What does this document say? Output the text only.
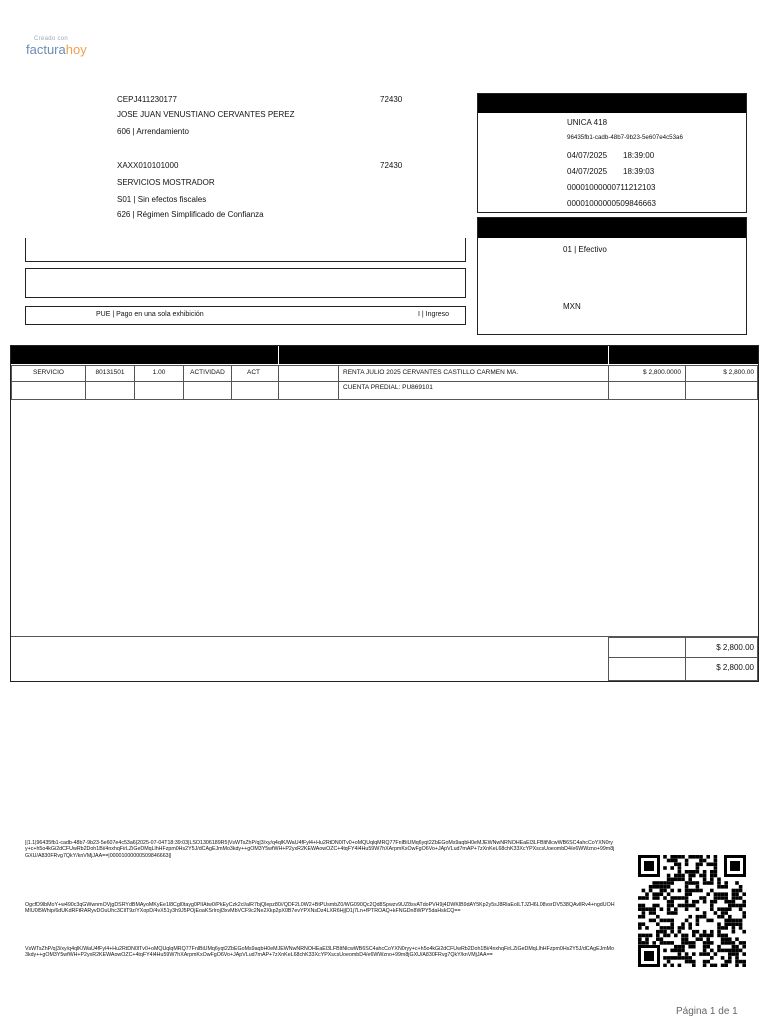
Creado con
facturahoy
CEPJ411230177	72430
JOSE JUAN VENUSTIANO CERVANTES PEREZ
606 | Arrendamiento
XAXX010101000	72430
SERVICIOS MOSTRADOR
S01 | Sin efectos fiscales
626 | Régimen Simplificado de Confianza
UNICA 418
96435fb1-cadb-48b7-9b23-5e607e4c53a6
04/07/2025 18:39:00
04/07/2025 18:39:03
00001000000711212103
00001000000509846663
01 | Efectivo
MXN
PUE | Pago en una sola exhibición	I | Ingreso
SERVICIO	80131501	1.00	ACTIVIDAD	ACT	RENTA JULIO 2025 CERVANTES CASTILLO CARMEN MA.	$ 2,800.0000	$ 2,800.00
CUENTA PREDIAL: PU869101
$ 2,800.00
$ 2,800.00
||1.1|96435fb1-cadb-48b7-9b23-5e607e4c53a6|2025-07-04T18:39:03|LSO1306189R5|VsWTsZhP/q|3/xy/q4qlK/WaU4fFyl4+Hu2RtDN0lTv0+oMQUqlqMRQ77FnlBiUMq6yqt2ZbEGoMs9aqbH0eMJEWNwNRNOHEaEl3LFBltNlcwWB6SC4ahcCoYXN0ryy+c+h5o4kGi2dCFUwRb2Doh1Bi/4nxhqFirLZiGeDMqLlhHFzpm0Hs2Y5J/dCAgEJmMo3kdy++gOM3Y5wfWH+P2yxR2KEWAowOZC+4tqFY4l4Hu59W7hXArpmKxOwFgO6Vo+JApVLud7mAP+7zXnKeL68chK33XcYPXscsUoeombD4/e6WWzno+99m8jGXU/A830FRvg7QkY/knVMjJAA==|00001000000509846663||
OgcfD9lbMoY+w490c3qGWwnmOVjgDSRYdBMAyoMKyEe1l8Cgl0tayg0PlIAtw0/PkEyCzk2cl/alR7bjQlepz80//QDF2L0W2+BtPUsmbZ0/WG090Qc2Qd8Spwzv9UZ8svATdoPVH9j4DWKlB9dAY5Kp2y5sJ8RlaEoILTJZH6L08vsrDV538QAvllRv4+ngdUOHMIU0l5Whip/6dUKdRFtRARyvDOuUhc3CllT9z/YXopD/4vX51y3h9J5POjEoaKSrlrojl3xvMbVCF9c2Ne2Xkp2pX0B7evYPXNsDz4LXR6Hj|D1j7Ln+fPTROAQ+kFNGDn8WPY5daHskCQ==
VsWTsZhP/q|3/xy/q4qlK/WaU4fFyl4+Hu2RtDN0lTv0+oMQUqlqMRQ77FnlBiUMq6yqt2ZbEGoMs9aqbH0eMJEWNwNRNOHEaEl3LFBltNlcwWB6SC4ahcCoYXN0ryy+c+h5o4kGi2dCFUwRb2Doh1Bi/4nxhqFirLZiGeDMqLlhHFzpm0Hs2Y5J/dCAgEJmMo3kdy++gOM3Y5wfWH+P2yxR2KEWAowOZC+4tqFY4l4Hu59W7hXArpmKxOwFgO6Vo+JApVLud7mAP+7zXnKeL68chK33XcYPXscsUoeombD4/e6WWzno+99m8jGXU/A830FRvg7QkY/knVMjJAA==
Página 1 de 1
